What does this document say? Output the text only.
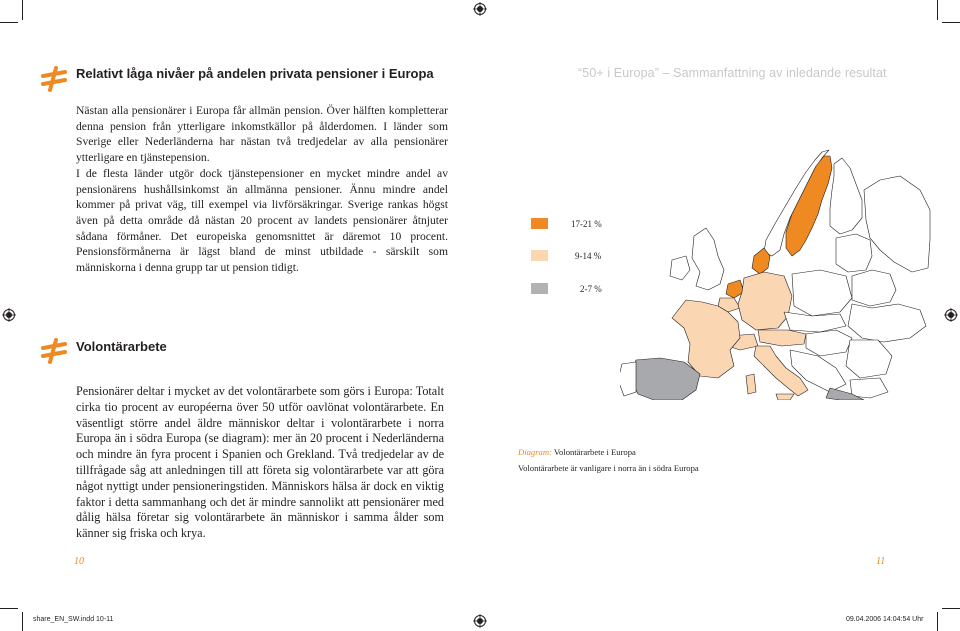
Relativt låga nivåer på andelen privata pensioner i Europa	“50+ i Europa” – Sammanfattning av inledande resultat

Nästan alla pensionärer i Europa får allmän pension. Över hälften kompletterar denna pension från ytterligare inkomstkällor på ålderdomen. I länder som Sverige eller Nederländerna har nästan två tredjedelar av alla pensionärer ytterligare en tjänstepension.

I de flesta länder utgör dock tjänstepensioner en mycket mindre andel av pensionärens hushållsinkomst än allmänna pensioner. Ännu mindre andel kommer på privat väg, till exempel via livförsäkringar. Sverige rankas högst även på detta område då nästan 20 procent av landets pensionärer åtnjuter sådana förmåner. Det europeiska genomsnittet är däremot 10 procent. Pensionsförmånerna är lägst bland de minst utbildade - särskilt som människorna i denna grupp tar ut pension tidigt.

17-21 %
9-14 %
2-7 %
Volontärarbete

Pensionärer deltar i mycket av det volontärarbete som görs i Europa: Totalt cirka tio procent av européerna över 50 utför oavlönat volontärarbete. En väsentligt större andel äldre människor deltar i volontärarbete i norra Europa än i södra Europa (se diagram): mer än 20 procent i Nederländerna och mindre än fyra procent i Spanien och Grekland. Två tredjedelar av de tillfrågade såg att anledningen till att företa sig volontärarbete var att göra något nyttigt under pensioneringstiden. Människors hälsa är dock en viktig faktor i detta sammanhang och det är mindre sannolikt att pensionärer med dålig hälsa företar sig volontärarbete än människor i samma ålder som känner sig friska och krya.

Diagram: Volontärarbete i Europa
Volontärarbete är vanligare i norra än i södra Europa
10	11
share_EN_SW.indd 10-11	09.04.2006 14:04:54 Uhr
